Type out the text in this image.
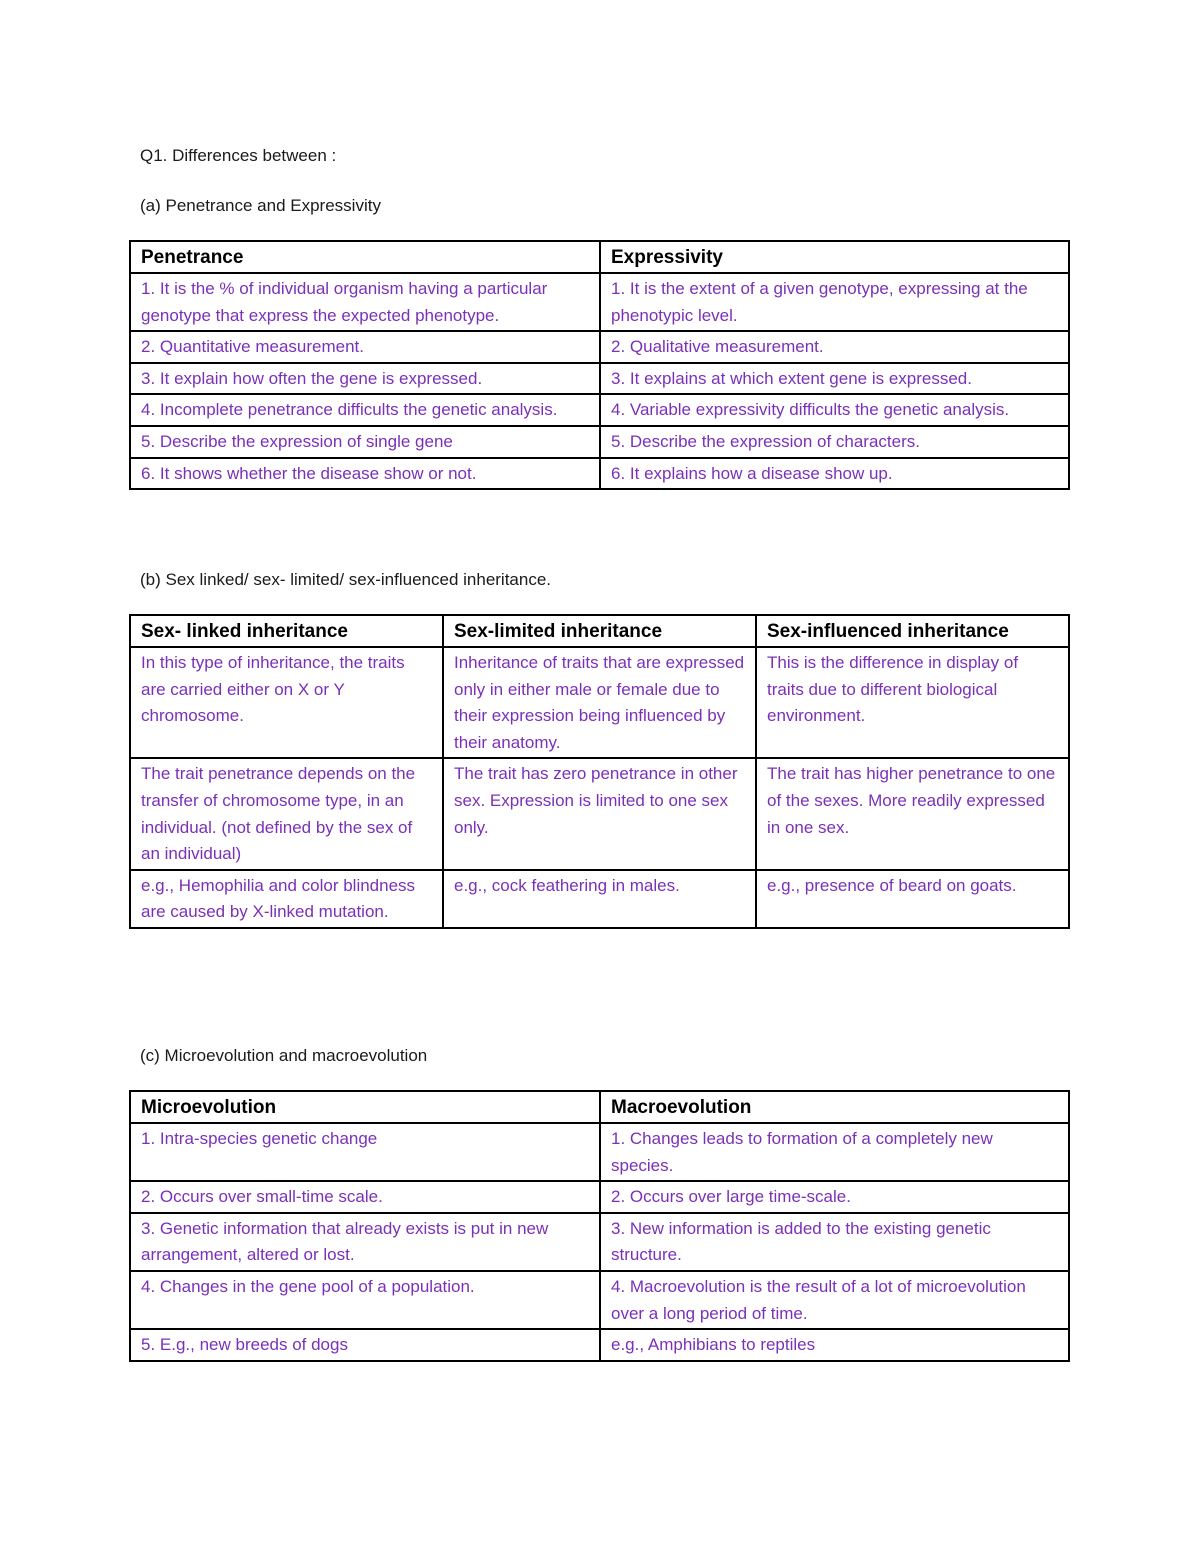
Q1. Differences between :
(a) Penetrance and Expressivity
Penetrance	Expressivity
1. It is the % of individual organism having a particular genotype that express the expected phenotype.	1. It is the extent of a given genotype, expressing at the phenotypic level.
2. Quantitative measurement.	2. Qualitative measurement.
3. It explain how often the gene is expressed.	3. It explains at which extent gene is expressed.
4. Incomplete penetrance difficults the genetic analysis.	4. Variable expressivity difficults the genetic analysis.
5. Describe the expression of single gene	5. Describe the expression of characters.
6. It shows whether the disease show or not.	6. It explains how a disease show up.
(b) Sex linked/ sex- limited/ sex-influenced inheritance.
Sex- linked inheritance	Sex-limited inheritance	Sex-influenced inheritance
In this type of inheritance, the traits are carried either on X or Y chromosome.	Inheritance of traits that are expressed only in either male or female due to their expression being influenced by their anatomy.	This is the difference in display of traits due to different biological environment.
The trait penetrance depends on the transfer of chromosome type, in an individual. (not defined by the sex of an individual)	The trait has zero penetrance in other sex. Expression is limited to one sex only.	The trait has higher penetrance to one of the sexes. More readily expressed in one sex.
e.g., Hemophilia and color blindness are caused by X-linked mutation.	e.g., cock feathering in males.	e.g., presence of beard on goats.
(c) Microevolution and macroevolution
Microevolution	Macroevolution
1. Intra-species genetic change	1. Changes leads to formation of a completely new species.
2. Occurs over small-time scale.	2. Occurs over large time-scale.
3. Genetic information that already exists is put in new arrangement, altered or lost.	3. New information is added to the existing genetic structure.
4. Changes in the gene pool of a population.	4. Macroevolution is the result of a lot of microevolution over a long period of time.
5. E.g., new breeds of dogs	e.g., Amphibians to reptiles
